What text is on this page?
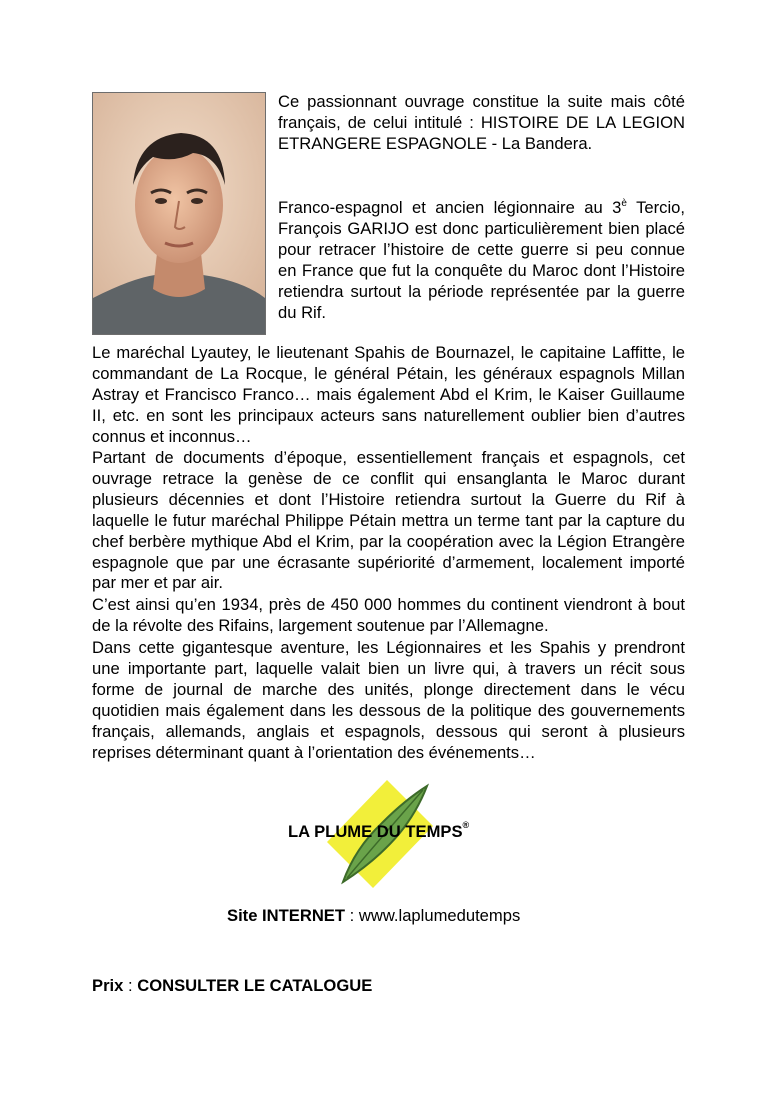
Ce passionnant ouvrage constitue la suite mais côté français, de celui intitulé : HISTOIRE DE LA LEGION ETRANGERE ESPAGNOLE - La Bandera.

Franco-espagnol et ancien légionnaire au $3^è$ Tercio, François GARIJO est donc particulièrement bien placé pour retracer l’histoire de cette guerre si peu connue en France que fut la conquête du Maroc dont l’Histoire retiendra surtout la période représentée par la guerre du Rif.

Le maréchal Lyautey, le lieutenant Spahis de Bournazel, le capitaine Laffitte, le commandant de La Rocque, le général Pétain, les généraux espagnols Millan Astray et Francisco Franco… mais également Abd el Krim, le Kaiser Guillaume II, etc. en sont les principaux acteurs sans naturellement oublier bien d’autres connus et inconnus…

Partant de documents d’époque, essentiellement français et espagnols, cet ouvrage retrace la genèse de ce conflit qui ensanglanta le Maroc durant plusieurs décennies et dont l’Histoire retiendra surtout la Guerre du Rif à laquelle le futur maréchal Philippe Pétain mettra un terme tant par la capture du chef berbère mythique Abd el Krim, par la coopération avec la Légion Etrangère espagnole que par une écrasante supériorité d’armement, localement importé par mer et par air.

C’est ainsi qu’en 1934, près de 450 000 hommes du continent viendront à bout de la révolte des Rifains, largement soutenue par l’Allemagne.

Dans cette gigantesque aventure, les Légionnaires et les Spahis y prendront une importante part, laquelle valait bien un livre qui, à travers un récit sous forme de journal de marche des unités, plonge directement dans le vécu quotidien mais également dans les dessous de la politique des gouvernements français, allemands, anglais et espagnols, dessous qui seront à plusieurs reprises déterminant quant à l’orientation des événements…

LA PLUME DU TEMPS®
Site INTERNET : www.laplumedutemps
Prix : CONSULTER LE CATALOGUE
